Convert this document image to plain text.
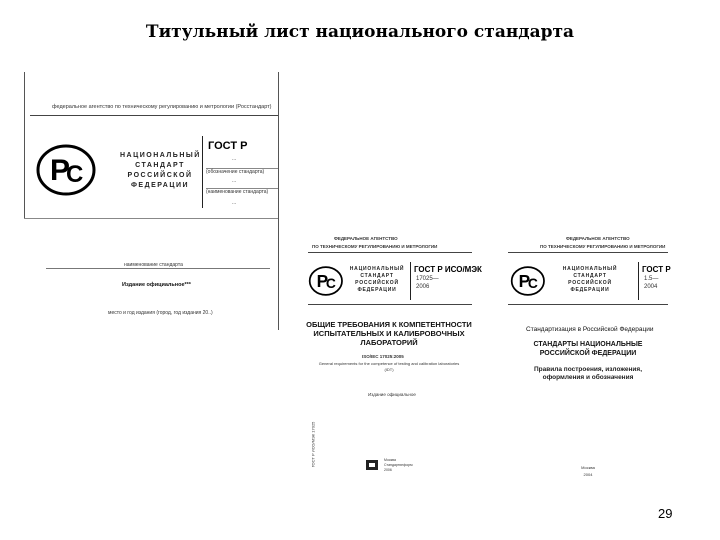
Титульный лист национального стандарта
федеральное агентство по техническому регулированию и метрологии (Росстандарт)
P
C
НАЦИОНАЛЬНЫЙ
СТАНДАРТ
РОССИЙСКОЙ
ФЕДЕРАЦИИ
ГОСТ Р
...
(обозначение стандарта)
...
(наименование стандарта)
...
наименование стандарта
Издание официальное***
место и год издания (город, год издания 20..)
ФЕДЕРАЛЬНОЕ АГЕНТСТВО
ПО ТЕХНИЧЕСКОМУ РЕГУЛИРОВАНИЮ И МЕТРОЛОГИИ
P
C
НАЦИОНАЛЬНЫЙ
СТАНДАРТ
РОССИЙСКОЙ
ФЕДЕРАЦИИ
ГОСТ Р ИСО/МЭК
17025—
2006
ОБЩИЕ ТРЕБОВАНИЯ К КОМПЕТЕНТНОСТИ
ИСПЫТАТЕЛЬНЫХ И КАЛИБРОВОЧНЫХ
ЛАБОРАТОРИЙ
ISO/IEC 17025:2005
General requirements for the competence of testing and calibration laboratories
(IDT)
Издание официальное
ГОСТ Р ИСО/МЭК 17025	Москва
Стандартинформ
2006
ФЕДЕРАЛЬНОЕ АГЕНТСТВО
ПО ТЕХНИЧЕСКОМУ РЕГУЛИРОВАНИЮ И МЕТРОЛОГИИ
P
C
НАЦИОНАЛЬНЫЙ
СТАНДАРТ
РОССИЙСКОЙ
ФЕДЕРАЦИИ
ГОСТ Р
1.5—
2004
Стандартизация в Российской Федерации
СТАНДАРТЫ НАЦИОНАЛЬНЫЕ
РОССИЙСКОЙ ФЕДЕРАЦИИ
Правила построения, изложения,
оформления и обозначения
Москва
2004
29
